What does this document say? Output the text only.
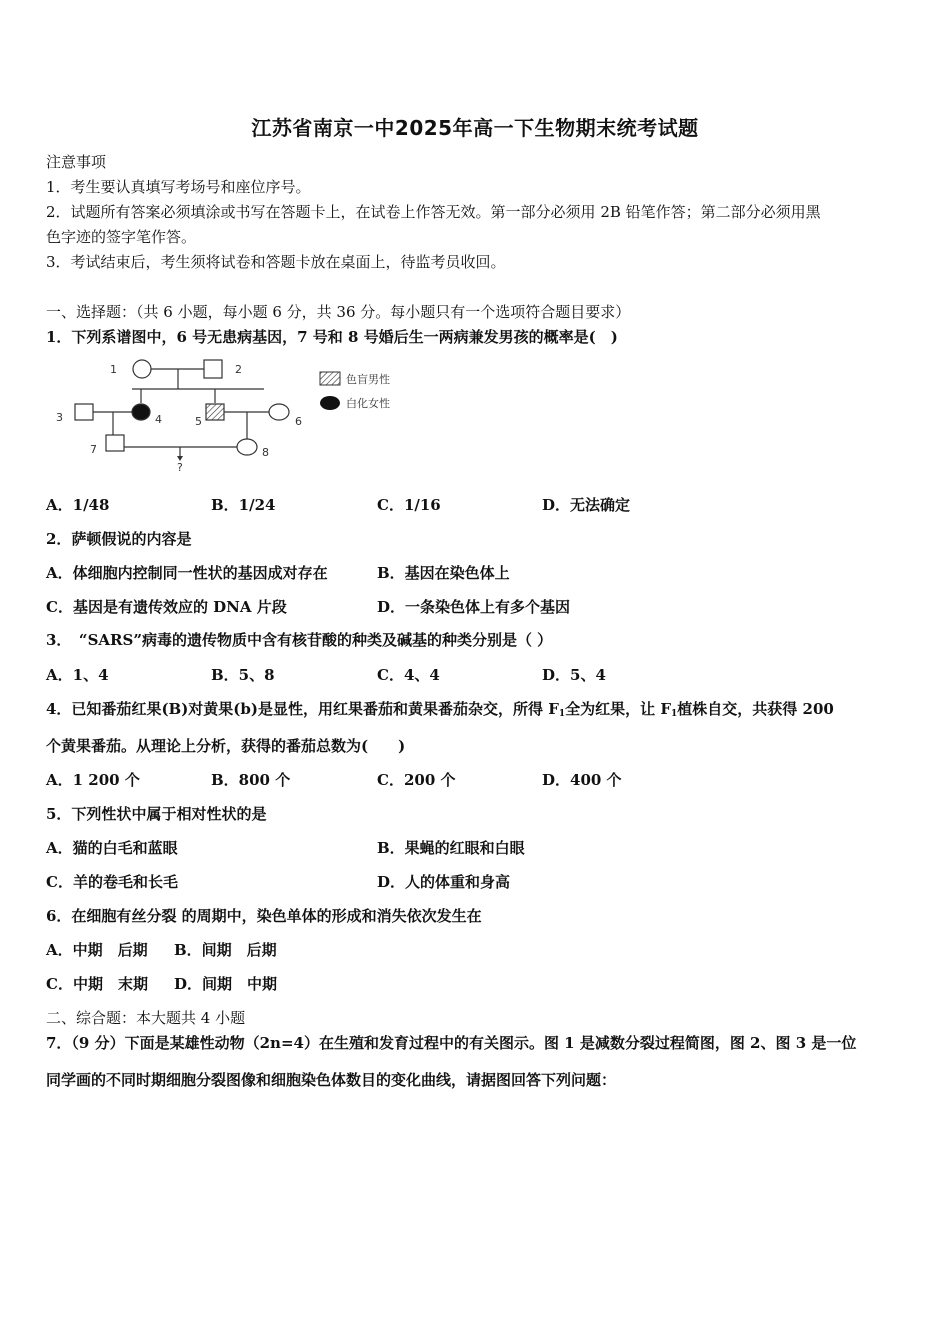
江苏省南京一中2025年高一下生物期末统考试题
注意事项
1．考生要认真填写考场号和座位序号。
2．试题所有答案必须填涂或书写在答题卡上，在试卷上作答无效。第一部分必须用 2B 铅笔作答；第二部分必须用黑
色字迹的签字笔作答。
3．考试结束后，考生须将试卷和答题卡放在桌面上，待监考员收回。
一、选择题：（共 6 小题，每小题 6 分，共 36 分。每小题只有一个选项符合题目要求）
1．下列系谱图中，6 号无患病基因，7 号和 8 号婚后生一两病兼发男孩的概率是(　)
1	2
3	4	5	6
7	8
?
色盲男性
白化女性
A．1/48	B．1/24	C．1/16	D．无法确定
2．萨顿假说的内容是
A．体细胞内控制同一性状的基因成对存在	B．基因在染色体上
C．基因是有遗传效应的 DNA 片段	D．一条染色体上有多个基因
3．　“SARS”病毒的遗传物质中含有核苷酸的种类及碱基的种类分别是（ ）
A．1、4	B．5、8	C．4、4	D．5、4
4．已知番茄红果(B)对黄果(b)是显性，用红果番茄和黄果番茄杂交，所得 $F_1$全为红果，让 $F_1$植株自交，共获得 200
个黄果番茄。从理论上分析，获得的番茄总数为(　　)
A．1 200 个	B．800 个	C．200 个	D．400 个
5．下列性状中属于相对性状的是
A．猫的白毛和蓝眼	B．果蝇的红眼和白眼
C．羊的卷毛和长毛	D．人的体重和身高
6．在细胞有丝分裂 的周期中，染色单体的形成和消失依次发生在
A．中期　后期 B．间期　后期
C．中期　末期 D．间期　中期
二、综合题：本大题共 4 小题
7．（9 分）下面是某雄性动物（2n=4）在生殖和发育过程中的有关图示。图 1 是减数分裂过程简图，图 2、图 3 是一位
同学画的不同时期细胞分裂图像和细胞染色体数目的变化曲线，请据图回答下列问题：
